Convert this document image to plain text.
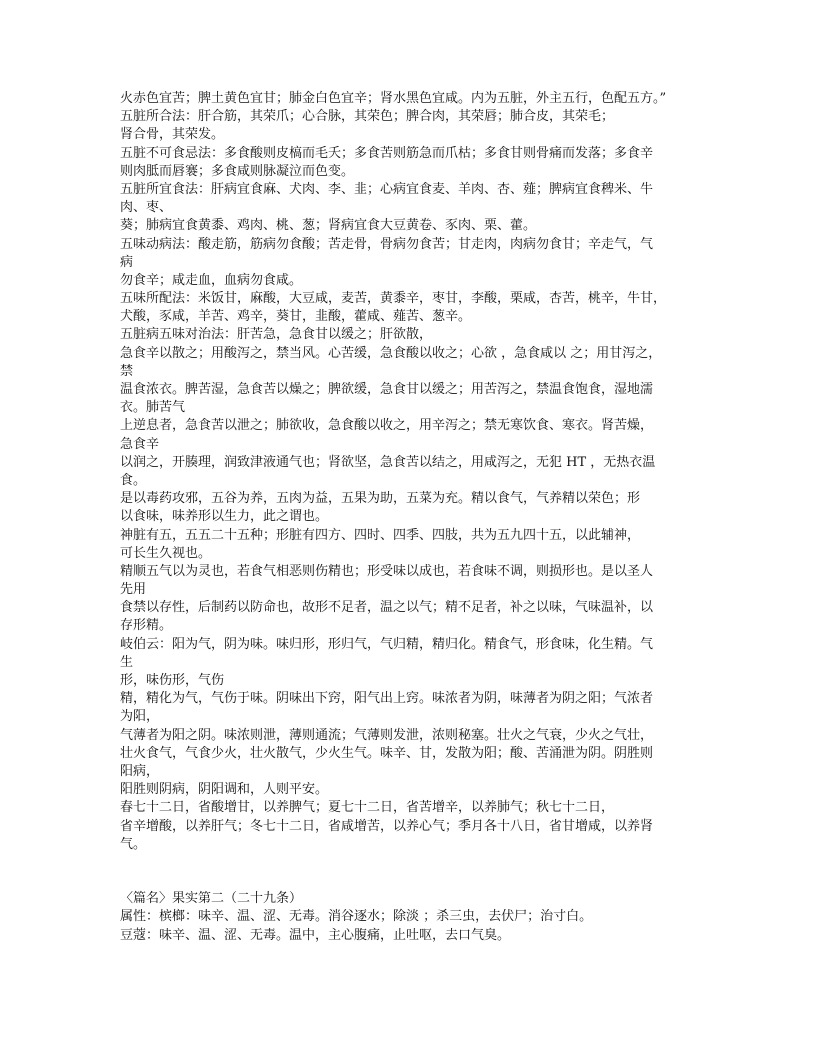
火赤色宜苦；脾土黄色宜甘；肺金白色宜辛；肾水黑色宜咸。内为五脏，外主五行，色配五方。”

五脏所合法：肝合筋，其荣爪；心合脉，其荣色；脾合肉，其荣唇；肺合皮，其荣毛；

肾合骨，其荣发。

五脏不可食忌法：多食酸则皮槁而毛夭；多食苦则筋急而爪枯；多食甘则骨痛而发落；多食辛

则肉胝而唇褰；多食咸则脉凝泣而色变。

五脏所宜食法：肝病宜食麻、犬肉、李、韭；心病宜食麦、羊肉、杏、薤；脾病宜食稗米、牛

肉、枣、

葵；肺病宜食黄黍、鸡肉、桃、葱；肾病宜食大豆黄卷、豕肉、栗、藿。

五味动病法：酸走筋，筋病勿食酸；苦走骨，骨病勿食苦；甘走肉，肉病勿食甘；辛走气，气

病

勿食辛；咸走血，血病勿食咸。

五味所配法：米饭甘，麻酸，大豆咸，麦苦，黄黍辛，枣甘，李酸，栗咸，杏苦，桃辛，牛甘，

犬酸，豕咸，羊苦、鸡辛，葵甘，韭酸，藿咸、薤苦、葱辛。

五脏病五味对治法：肝苦急，急食甘以缓之；肝欲散，

急食辛以散之；用酸泻之，禁当风。心苦缓，急食酸以收之；心欲 ，急食咸以 之；用甘泻之，

禁

温食浓衣。脾苦湿，急食苦以燥之；脾欲缓，急食甘以缓之；用苦泻之，禁温食饱食，湿地濡

衣。肺苦气

上逆息者，急食苦以泄之；肺欲收，急食酸以收之，用辛泻之；禁无寒饮食、寒衣。肾苦燥，

急食辛

以润之，开腠理，润致津液通气也；肾欲坚，急食苦以结之，用咸泻之，无犯 HT ，无热衣温

食。

是以毒药攻邪，五谷为养，五肉为益，五果为助，五菜为充。精以食气，气养精以荣色；形

以食味，味养形以生力，此之谓也。

神脏有五，五五二十五种；形脏有四方、四时、四季、四肢，共为五九四十五，以此辅神，

可长生久视也。

精顺五气以为灵也，若食气相恶则伤精也；形受味以成也，若食味不调，则损形也。是以圣人

先用

食禁以存性，后制药以防命也，故形不足者，温之以气；精不足者，补之以味，气味温补，以

存形精。

岐伯云：阳为气，阴为味。味归形，形归气，气归精，精归化。精食气，形食味，化生精。气

生

形，味伤形，气伤

精，精化为气，气伤于味。阴味出下窍，阳气出上窍。味浓者为阴，味薄者为阴之阳；气浓者

为阳，

气薄者为阳之阴。味浓则泄，薄则通流；气薄则发泄，浓则秘塞。壮火之气衰，少火之气壮，

壮火食气，气食少火，壮火散气，少火生气。味辛、甘，发散为阳；酸、苦涌泄为阴。阴胜则

阳病，

阳胜则阴病，阴阳调和，人则平安。

春七十二日，省酸增甘，以养脾气；夏七十二日，省苦增辛，以养肺气；秋七十二日，

省辛增酸，以养肝气；冬七十二日，省咸增苦，以养心气；季月各十八日，省甘增咸，以养肾

气。

〈篇名〉果实第二（二十九条）

属性：槟榔：味辛、温、涩、无毒。消谷逐水；除淡 ；杀三虫，去伏尸；治寸白。

豆蔻：味辛、温、涩、无毒。温中，主心腹痛，止吐呕，去口气臭。
